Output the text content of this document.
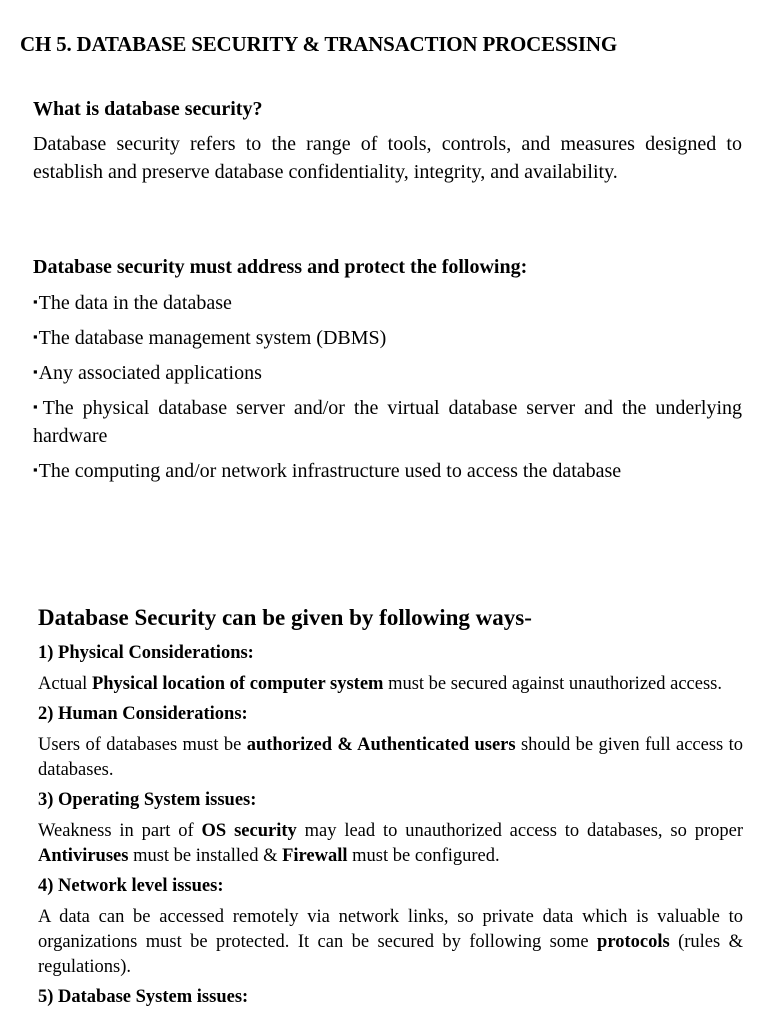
CH 5. DATABASE SECURITY & TRANSACTION PROCESSING
What is database security?
Database security refers to the range of tools, controls, and measures designed to establish and preserve database confidentiality, integrity, and availability.
Database security must address and protect the following:
▪The data in the database
▪The database management system (DBMS)
▪Any associated applications
▪The physical database server and/or the virtual database server and the underlying hardware
▪The computing and/or network infrastructure used to access the database
Database Security can be given by following ways-
1) Physical Considerations:
Actual Physical location of computer system must be secured against unauthorized access.
2) Human Considerations:
Users of databases must be authorized & Authenticated users should be given full access to databases.
3) Operating System issues:
Weakness in part of OS security may lead to unauthorized access to databases, so proper Antiviruses must be installed & Firewall must be configured.
4) Network level issues:
A data can be accessed remotely via network links, so private data which is valuable to organizations must be protected. It can be secured by following some protocols (rules & regulations).
5) Database System issues:
